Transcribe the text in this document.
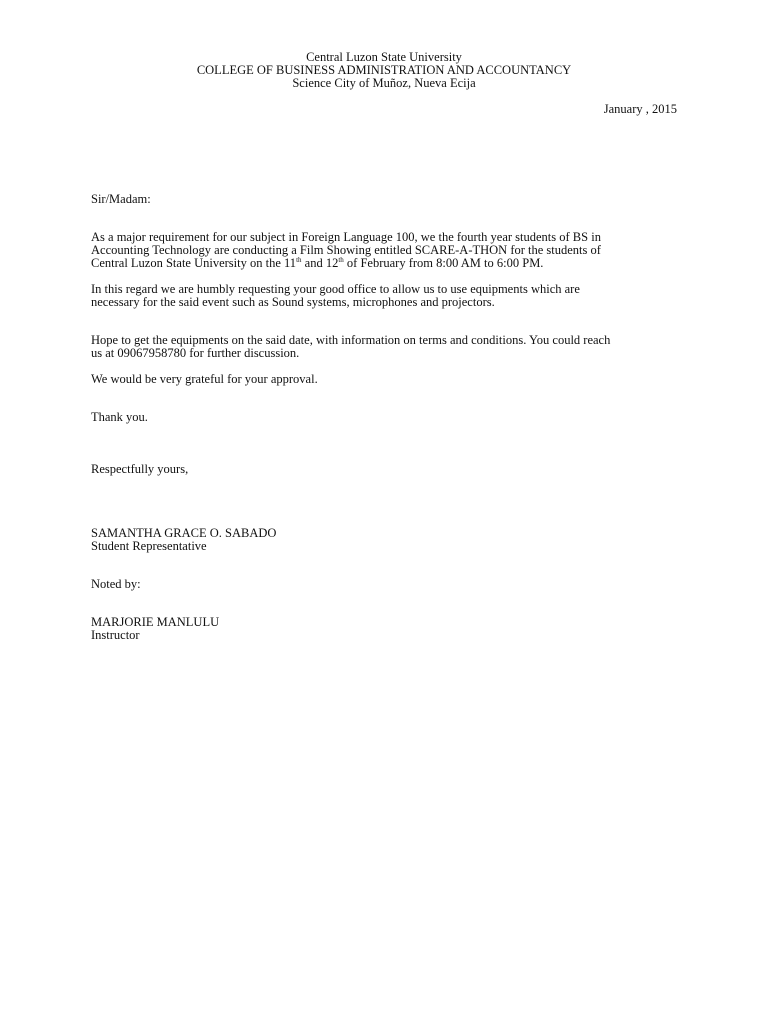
Central Luzon State University
COLLEGE OF BUSINESS ADMINISTRATION AND ACCOUNTANCY
Science City of Muñoz, Nueva Ecija
January , 2015
Sir/Madam:
As a major requirement for our subject in Foreign Language 100, we the fourth year students of BS in
Accounting Technology are conducting a Film Showing entitled SCARE-A-THON for the students of
Central Luzon State University on the 11th and 12th of February from 8:00 AM to 6:00 PM.
In this regard we are humbly requesting your good office to allow us to use equipments which are
necessary for the said event such as Sound systems, microphones and projectors.
Hope to get the equipments on the said date, with information on terms and conditions. You could reach
us at 09067958780 for further discussion.
We would be very grateful for your approval.
Thank you.
Respectfully yours,
SAMANTHA GRACE O. SABADO
Student Representative
Noted by:
MARJORIE MANLULU
Instructor
